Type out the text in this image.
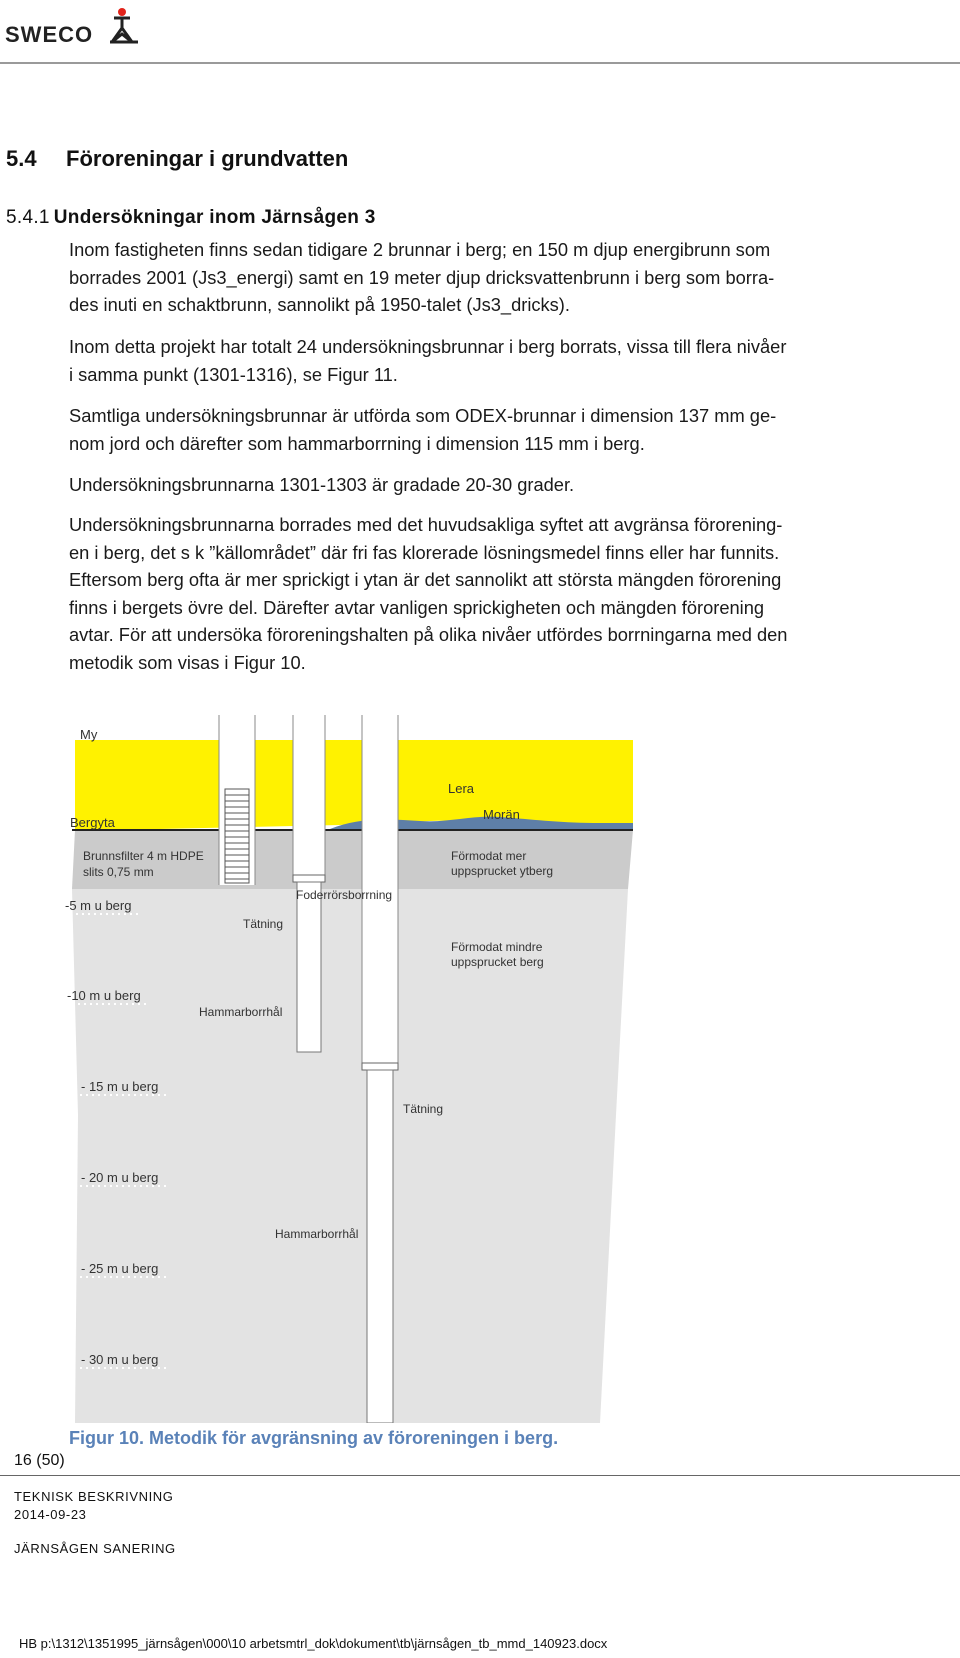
SWECO
5.4 Föroreningar i grundvatten
5.4.1 Undersökningar inom Järnsågen 3

Inom fastigheten finns sedan tidigare 2 brunnar i berg; en 150 m djup energibrunn som
borrades 2001 (Js3_energi) samt en 19 meter djup dricksvattenbrunn i berg som borra-
des inuti en schaktbrunn, sannolikt på 1950-talet (Js3_dricks).

Inom detta projekt har totalt 24 undersökningsbrunnar i berg borrats, vissa till flera nivåer
i samma punkt (1301-1316), se Figur 11.

Samtliga undersökningsbrunnar är utförda som ODEX-brunnar i dimension 137 mm ge-
nom jord och därefter som hammarborrning i dimension 115 mm i berg.

Undersökningsbrunnarna 1301-1303 är gradade 20-30 grader.

Undersökningsbrunnarna borrades med det huvudsakliga syftet att avgränsa förorening-
en i berg, det s k ”källområdet” där fri fas klorerade lösningsmedel finns eller har funnits.
Eftersom berg ofta är mer sprickigt i ytan är det sannolikt att största mängden förorening
finns i bergets övre del. Därefter avtar vanligen sprickigheten och mängden förorening
avtar. För att undersöka föroreningshalten på olika nivåer utfördes borrningarna med den
metodik som visas i Figur 10.

My
Lera
Morän
Bergyta
Brunnsfilter 4 m HDPE
slits 0,75 mm
Foderrörsborrning
Tätning
Tätning
Förmodat mer
uppsprucket ytberg
Förmodat mindre
uppsprucket berg
Hammarborrhål
Hammarborrhål
-5 m u berg
-10 m u berg
- 15 m u berg
- 20 m u berg
- 25 m u berg
- 30 m u berg
Figur 10. Metodik för avgränsning av föroreningen i berg.
16 (50)
TEKNISK BESKRIVNING
2014-09-23
JÄRNSÅGEN SANERING
HB p:\1312\1351995_järnsågen\000\10 arbetsmtrl_dok\dokument\tb\järnsågen_tb_mmd_140923.docx
